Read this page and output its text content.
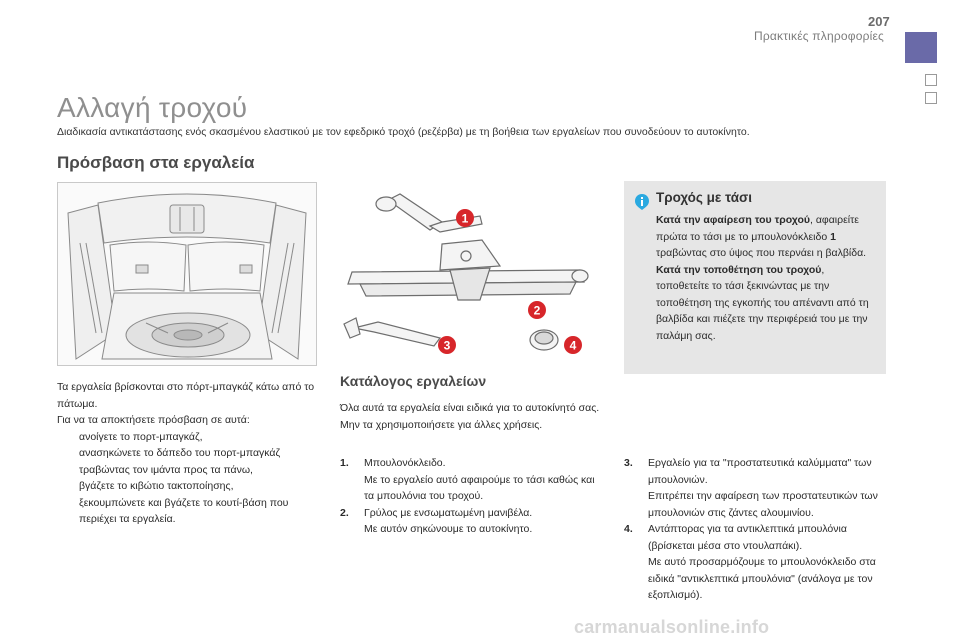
207
Πρακτικές πληροφορίες
Αλλαγή τροχού
Διαδικασία αντικατάστασης ενός σκασμένου ελαστικού με τον εφεδρικό τροχό (ρεζέρβα) με τη βοήθεια των εργαλείων που συνοδεύουν το αυτοκίνητο.
Πρόσβαση στα εργαλεία
1
2
3	4
Τροχός με τάσι
Κατά την αφαίρεση του τροχού, αφαιρείτε πρώτα το τάσι με το μπουλονόκλειδο 1 τραβώντας στο ύψος που περνάει η βαλβίδα.
Κατά την τοποθέτηση του τροχού, τοποθετείτε το τάσι ξεκινώντας με την τοποθέτηση της εγκοπής του απέναντι από τη βαλβίδα και πιέζετε την περιφέρειά του με την παλάμη σας.
Τα εργαλεία βρίσκονται στο πόρτ-μπαγκάζ κάτω από το πάτωμα.
Για να τα αποκτήσετε πρόσβαση σε αυτά:
ανοίγετε το πορτ-μπαγκάζ,
ανασηκώνετε το δάπεδο του πορτ-μπαγκάζ τραβώντας τον ιμάντα προς τα πάνω,
βγάζετε το κιβώτιο τακτοποίησης,
ξεκουμπώνετε και βγάζετε το κουτί-βάση που περιέχει τα εργαλεία.
Κατάλογος εργαλείων
Όλα αυτά τα εργαλεία είναι ειδικά για το αυτοκίνητό σας. Μην τα χρησιμοποιήσετε για άλλες χρήσεις.
1.	Μπουλονόκλειδο.
Με το εργαλείο αυτό αφαιρούμε το τάσι καθώς και τα μπουλόνια του τροχού.
2.	Γρύλος με ενσωματωμένη μανιβέλα.
Με αυτόν σηκώνουμε το αυτοκίνητο.
3.	Εργαλείο για τα "προστατευτικά καλύμματα" των μπουλονιών.
Επιτρέπει την αφαίρεση των προστατευτικών των μπουλονιών στις ζάντες αλουμινίου.
4.	Αντάπτορας για τα αντικλεπτικά μπουλόνια (βρίσκεται μέσα στο ντουλαπάκι).
Με αυτό προσαρμόζουμε το μπουλονόκλειδο στα ειδικά "αντικλεπτικά μπουλόνια" (ανάλογα με τον εξοπλισμό).
carmanualsonline.info
